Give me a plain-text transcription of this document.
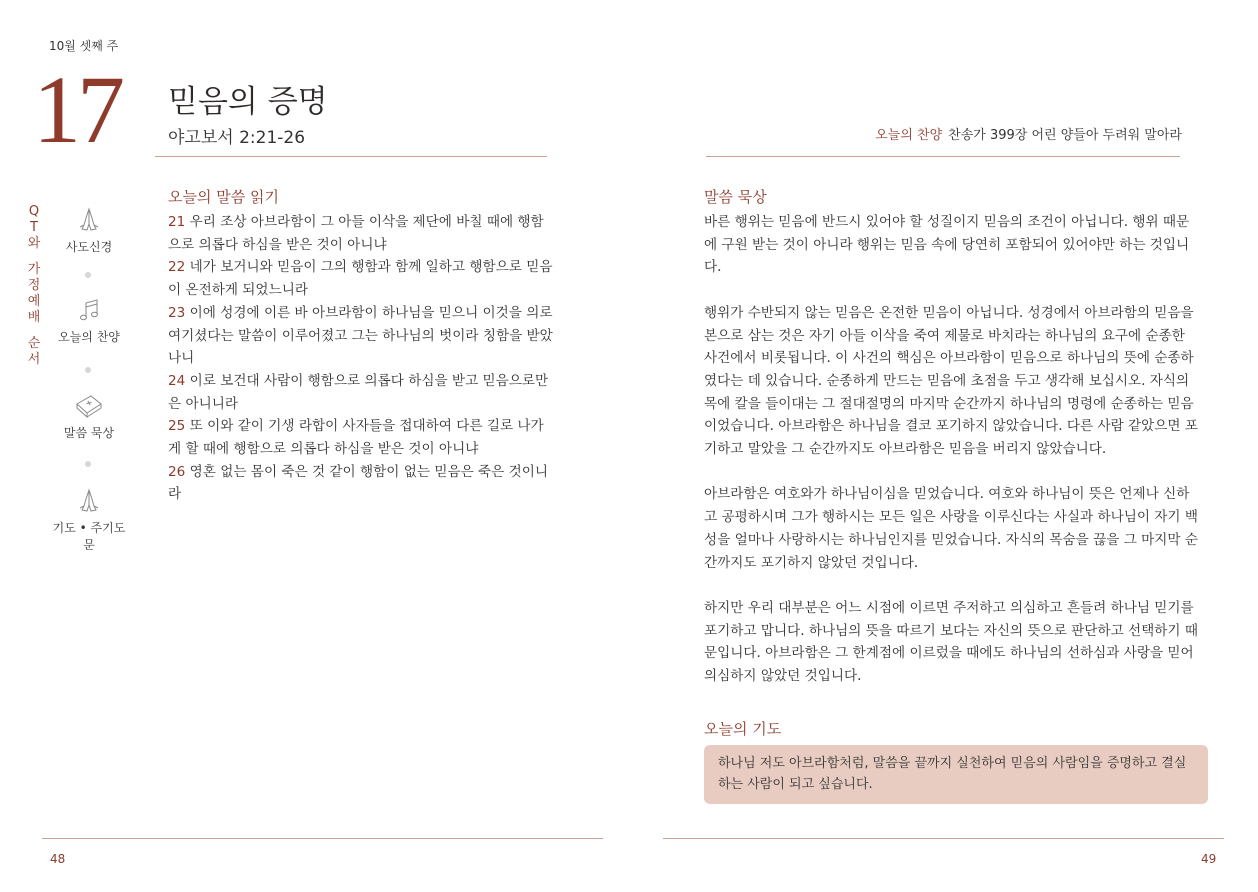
10월 셋째 주
17 믿음의 증명
야고보서 2:21-26
Q
T
와
가
정
예
배
순
서
사도신경
오늘의 찬양
말씀 묵상
기도 • 주기도문
오늘의 말씀 읽기
21 우리 조상 아브라함이 그 아들 이삭을 제단에 바칠 때에 행함으로 의롭다 하심을 받은 것이 아니냐
22 네가 보거니와 믿음이 그의 행함과 함께 일하고 행함으로 믿음이 온전하게 되었느니라
23 이에 성경에 이른 바 아브라함이 하나님을 믿으니 이것을 의로 여기셨다는 말씀이 이루어졌고 그는 하나님의 벗이라 칭함을 받았나니
24 이로 보건대 사람이 행함으로 의롭다 하심을 받고 믿음으로만은 아니니라
25 또 이와 같이 기생 라합이 사자들을 접대하여 다른 길로 나가게 할 때에 행함으로 의롭다 하심을 받은 것이 아니냐
26 영혼 없는 몸이 죽은 것 같이 행함이 없는 믿음은 죽은 것이니라
48
오늘의 찬양 찬송가 399장 어린 양들아 두려워 말아라
말씀 묵상

바른 행위는 믿음에 반드시 있어야 할 성질이지 믿음의 조건이 아닙니다. 행위 때문에 구원 받는 것이 아니라 행위는 믿음 속에 당연히 포함되어 있어야만 하는 것입니다.

행위가 수반되지 않는 믿음은 온전한 믿음이 아닙니다. 성경에서 아브라함의 믿음을 본으로 삼는 것은 자기 아들 이삭을 죽여 제물로 바치라는 하나님의 요구에 순종한 사건에서 비롯됩니다. 이 사건의 핵심은 아브라함이 믿음으로 하나님의 뜻에 순종하였다는 데 있습니다. 순종하게 만드는 믿음에 초점을 두고 생각해 보십시오. 자식의 목에 칼을 들이대는 그 절대절명의 마지막 순간까지 하나님의 명령에 순종하는 믿음이었습니다. 아브라함은 하나님을 결코 포기하지 않았습니다. 다른 사람 같았으면 포기하고 말았을 그 순간까지도 아브라함은 믿음을 버리지 않았습니다.

아브라함은 여호와가 하나님이심을 믿었습니다. 여호와 하나님이 뜻은 언제나 신하고 공평하시며 그가 행하시는 모든 일은 사랑을 이루신다는 사실과 하나님이 자기 백성을 얼마나 사랑하시는 하나님인지를 믿었습니다. 자식의 목숨을 끊을 그 마지막 순간까지도 포기하지 않았던 것입니다.

하지만 우리 대부분은 어느 시점에 이르면 주저하고 의심하고 흔들려 하나님 믿기를 포기하고 맙니다. 하나님의 뜻을 따르기 보다는 자신의 뜻으로 판단하고 선택하기 때문입니다. 아브라함은 그 한계점에 이르렀을 때에도 하나님의 선하심과 사랑을 믿어 의심하지 않았던 것입니다.

오늘의 기도
하나님 저도 아브라함처럼, 말씀을 끝까지 실천하여 믿음의 사람임을 증명하고 결실하는 사람이 되고 싶습니다.
49
